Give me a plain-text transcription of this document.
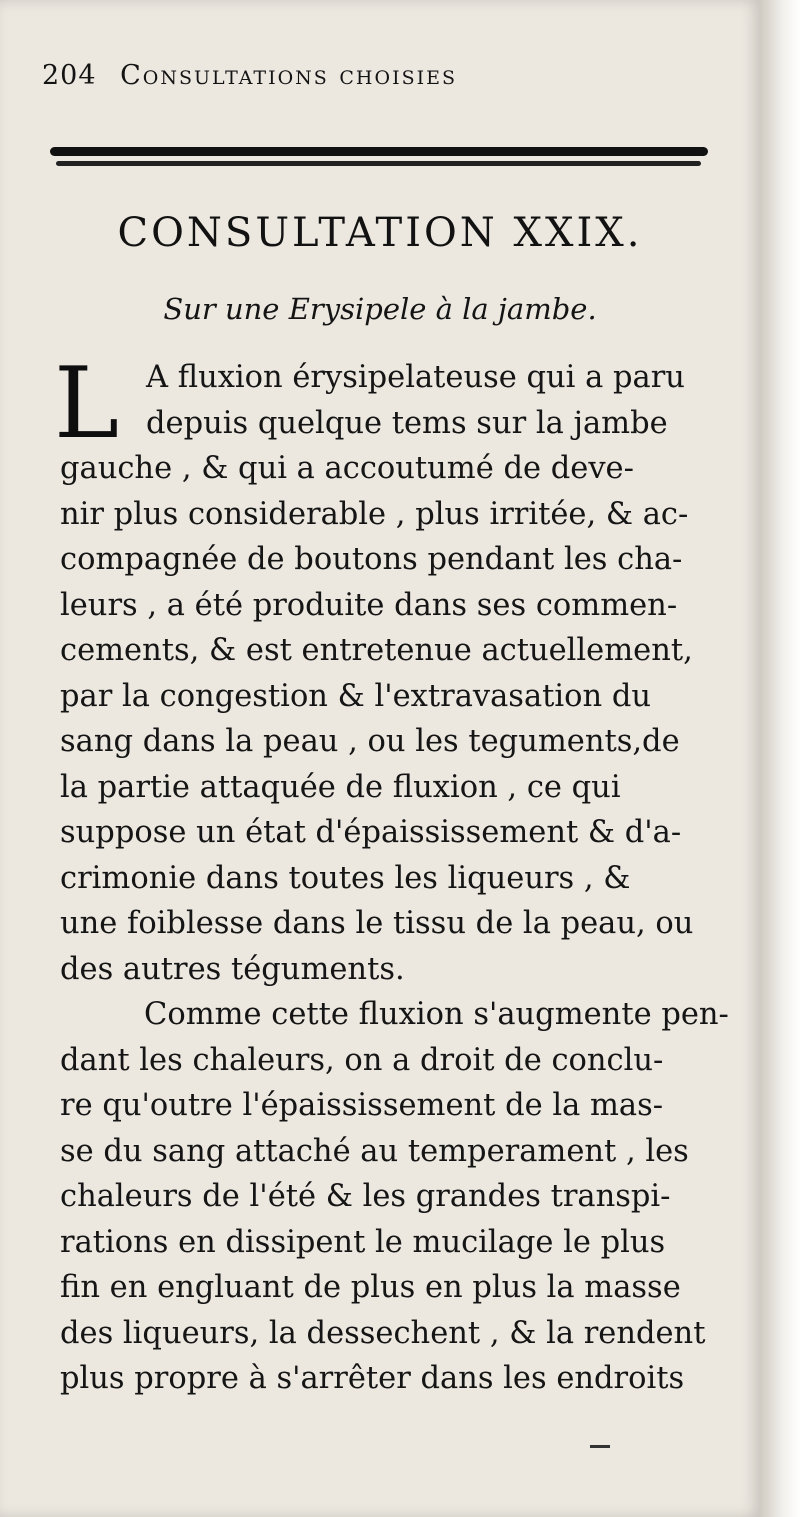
204 Consultations choisies
CONSULTATION XXIX.
Sur une Erysipele à la jambe.
L A fluxion érysipelateuse qui a paru
depuis quelque tems sur la jambe
gauche , & qui a accoutumé de deve-
nir plus considerable , plus irritée, & ac-
compagnée de boutons pendant les cha-
leurs , a été produite dans ses commen-
cements, & est entretenue actuellement,
par la congestion & l'extravasation du
sang dans la peau , ou les teguments,de
la partie attaquée de fluxion , ce qui
suppose un état d'épaississement & d'a-
crimonie dans toutes les liqueurs , &
une foiblesse dans le tissu de la peau, ou
des autres téguments.
Comme cette fluxion s'augmente pen-
dant les chaleurs, on a droit de conclu-
re qu'outre l'épaississement de la mas-
se du sang attaché au temperament , les
chaleurs de l'été & les grandes transpi-
rations en dissipent le mucilage le plus
fin en engluant de plus en plus la masse
des liqueurs, la dessechent , & la rendent
plus propre à s'arrêter dans les endroits
